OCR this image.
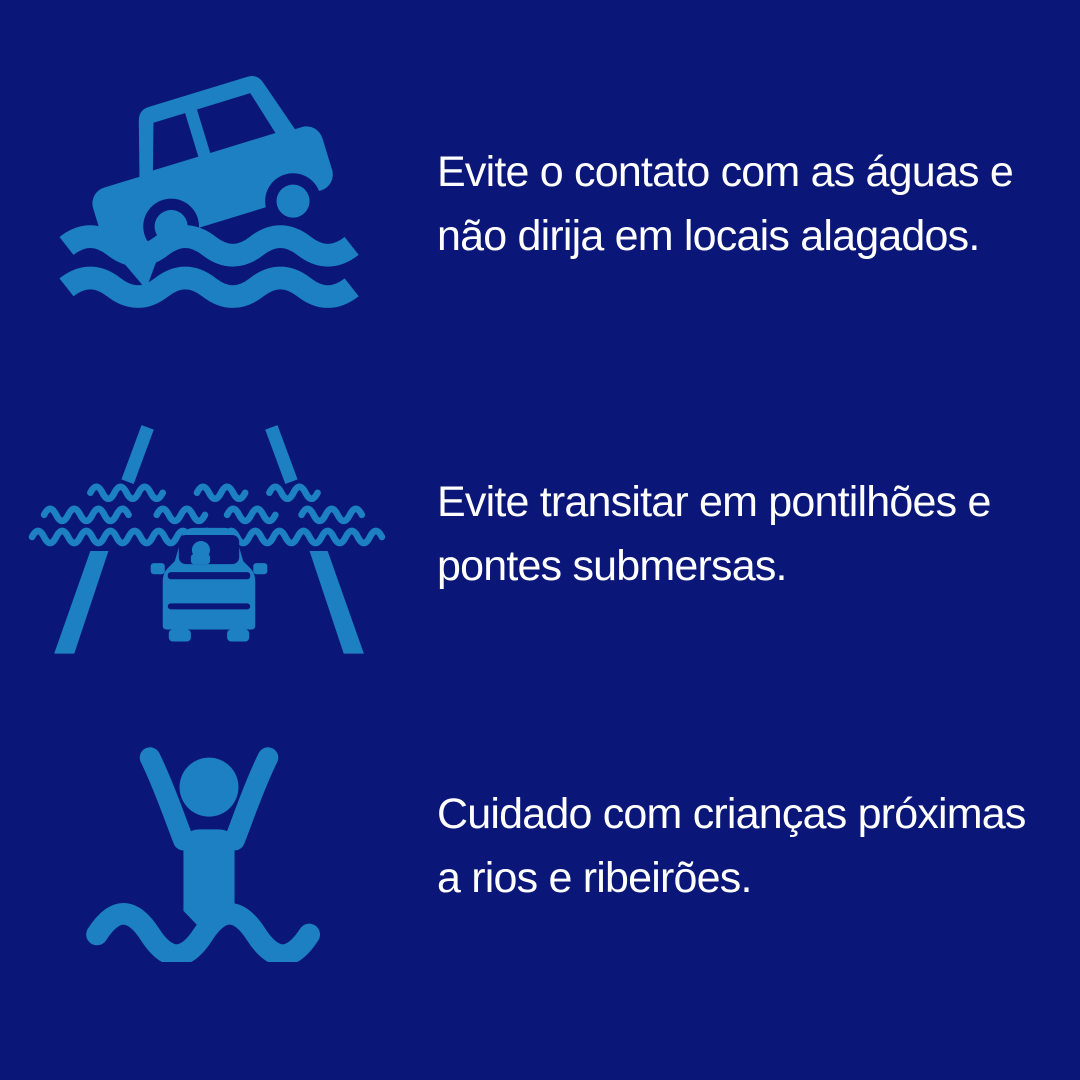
Evite o contato com as águas e
não dirija em locais alagados.
Evite transitar em pontilhões e
pontes submersas.
Cuidado com crianças próximas
a rios e ribeirões.
